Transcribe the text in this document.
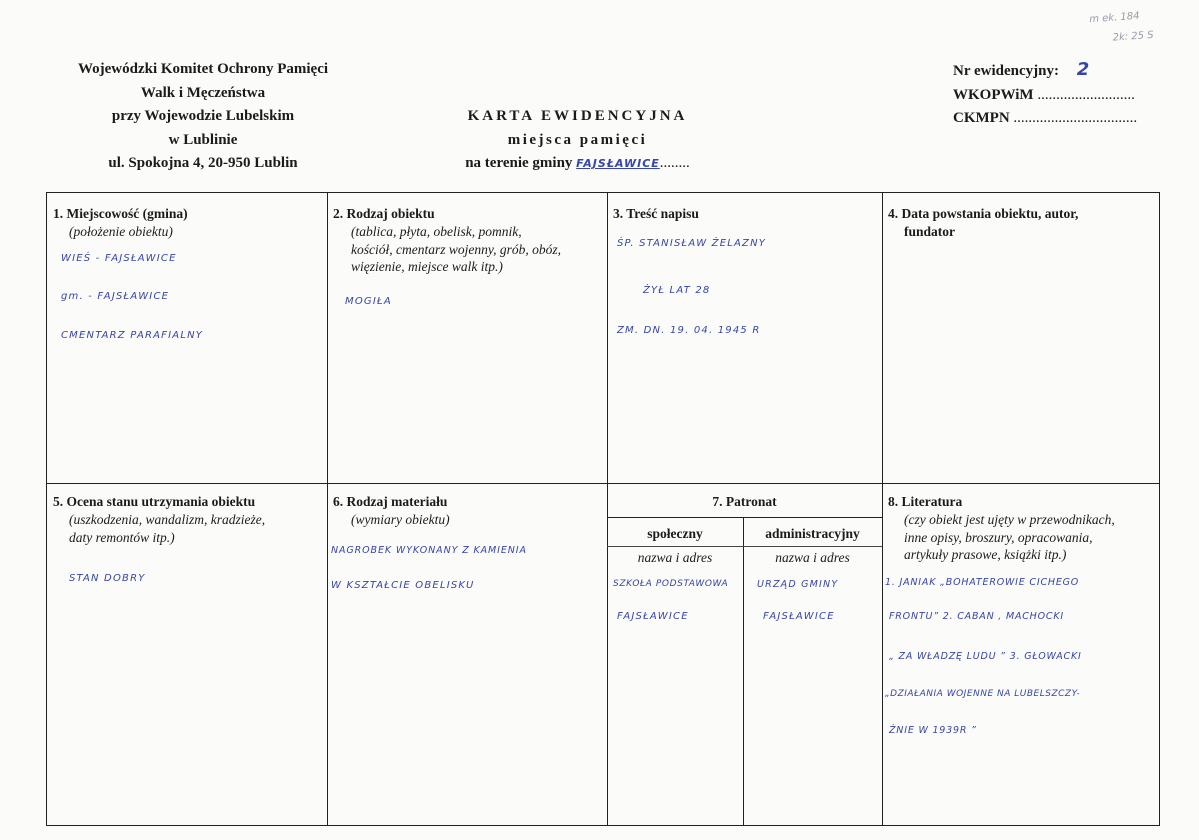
m ek. 184
2k: 25 S
Wojewódzki Komitet Ochrony Pamięci
Walk i Męczeństwa
przy Wojewodzie Lubelskim
w Lublinie
ul. Spokojna 4, 20-950 Lublin
KARTA EWIDENCYJNA
miejsca pamięci
na terenie gminy FAJSŁAWICE........
Nr ewidencyjny: 2
WKOPWiM ..........................
CKMPN .................................
1. Miejscowość (gmina)
(położenie obiektu)
WIEŚ - FAJSŁAWICE
gm. - FAJSŁAWICE
CMENTARZ PARAFIALNY
2. Rodzaj obiektu
(tablica, płyta, obelisk, pomnik,
kościół, cmentarz wojenny, grób, obóz,
więzienie, miejsce walk itp.)
MOGIŁA
3. Treść napisu
ŚP. STANISŁAW ŻELAZNY
ŻYŁ LAT 28
ZM. DN. 19. 04. 1945 R
4. Data powstania obiektu, autor,
fundator
5. Ocena stanu utrzymania obiektu
(uszkodzenia, wandalizm, kradzieże,
daty remontów itp.)
STAN DOBRY
6. Rodzaj materiału
(wymiary obiektu)
NAGROBEK WYKONANY Z KAMIENIA
W KSZTAŁCIE OBELISKU
7. Patronat
społeczny	administracyjny
nazwa i adres	nazwa i adres
SZKOŁA PODSTAWOWA
FAJSŁAWICE
URZĄD GMINY
FAJSŁAWICE
8. Literatura
(czy obiekt jest ujęty w przewodnikach,
inne opisy, broszury, opracowania,
artykuły prasowe, książki itp.)
1. JANIAK „BOHATEROWIE CICHEGO
FRONTU” 2. CABAN , MACHOCKI
„ ZA WŁADZĘ LUDU ” 3. GŁOWACKI
„DZIAŁANIA WOJENNE NA LUBELSZCZY-
ŹNIE W 1939R ”
